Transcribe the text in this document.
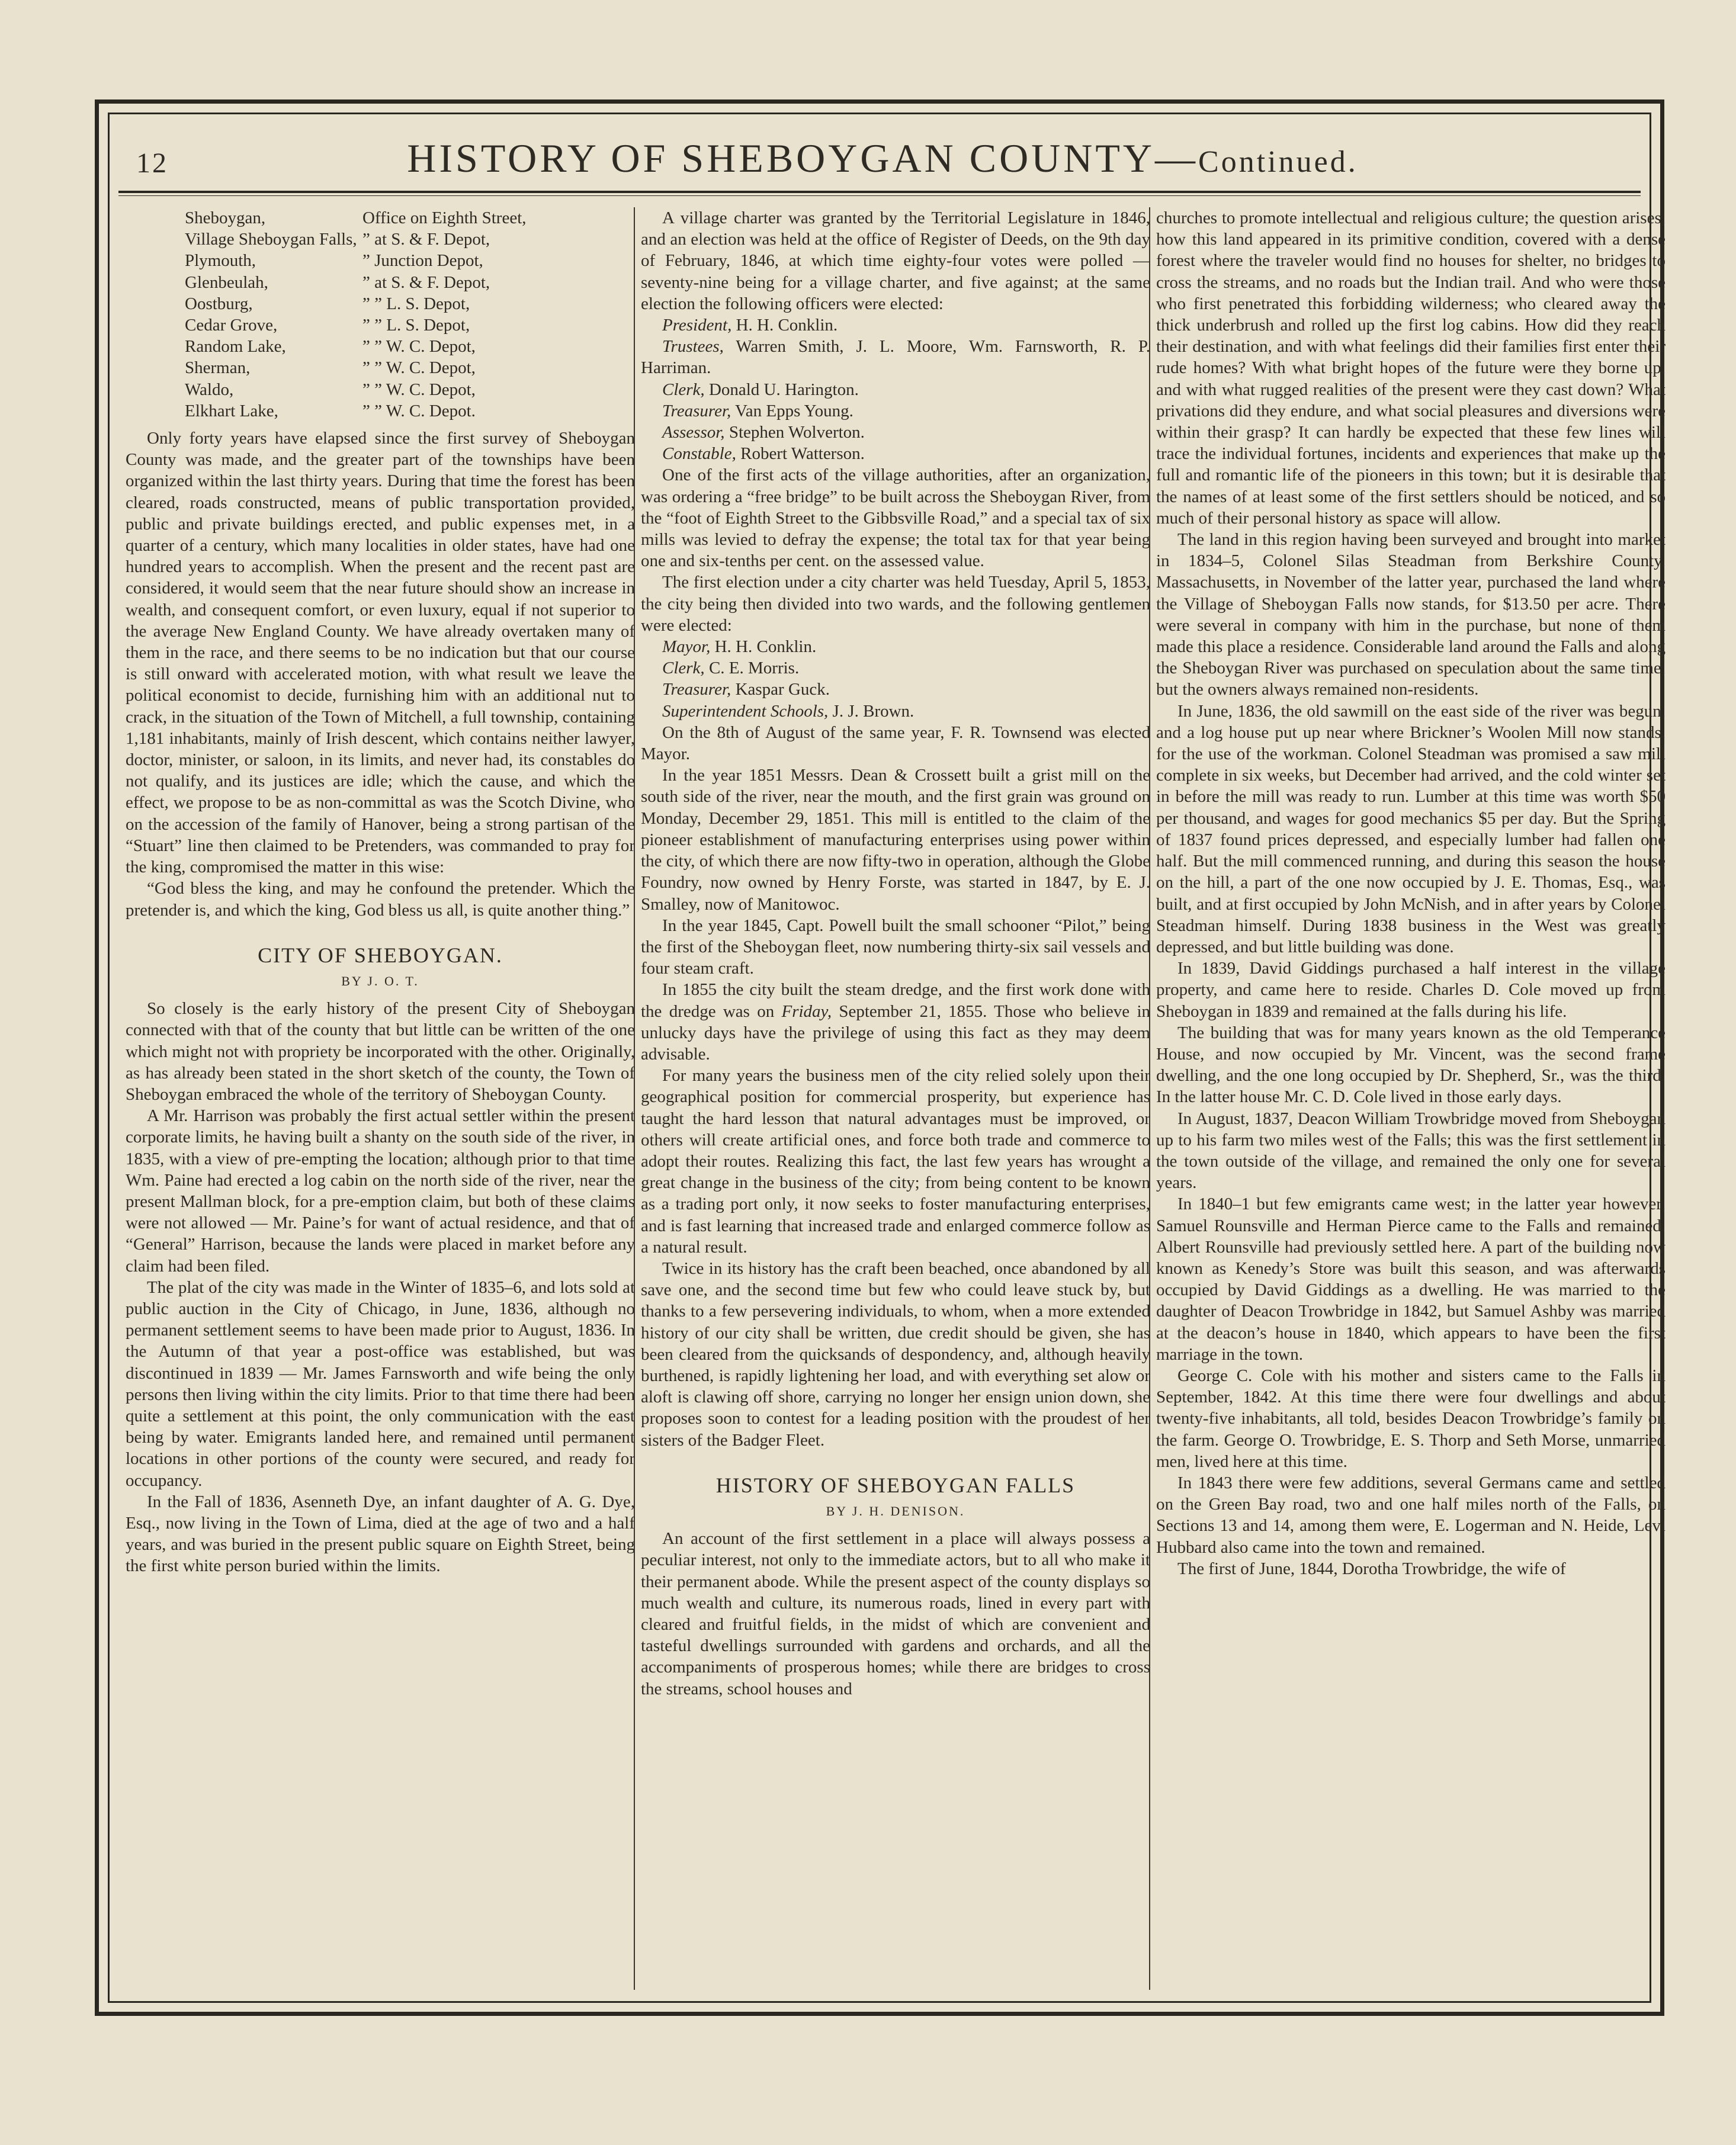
12	HISTORY OF SHEBOYGAN COUNTY—Continued.
Sheboygan,	Office on Eighth Street,
Village Sheboygan Falls,	” at S. & F. Depot,
Plymouth,	” Junction Depot,
Glenbeulah,	” at S. & F. Depot,
Oostburg,	” ” L. S. Depot,
Cedar Grove,	” ” L. S. Depot,
Random Lake,	” ” W. C. Depot,
Sherman,	” ” W. C. Depot,
Waldo,	” ” W. C. Depot,
Elkhart Lake,	” ” W. C. Depot.

Only forty years have elapsed since the first survey of Sheboygan County was made, and the greater part of the townships have been organized within the last thirty years. During that time the forest has been cleared, roads constructed, means of public transportation provided, public and private buildings erected, and public expenses met, in a quarter of a century, which many localities in older states, have had one hundred years to accomplish. When the present and the recent past are considered, it would seem that the near future should show an increase in wealth, and consequent comfort, or even luxury, equal if not superior to the average New England County. We have already overtaken many of them in the race, and there seems to be no indication but that our course is still onward with accelerated motion, with what result we leave the political economist to decide, furnishing him with an additional nut to crack, in the situation of the Town of Mitchell, a full township, containing 1,181 inhabitants, mainly of Irish descent, which contains neither lawyer, doctor, minister, or saloon, in its limits, and never had, its constables do not qualify, and its justices are idle; which the cause, and which the effect, we propose to be as non-committal as was the Scotch Divine, who on the accession of the family of Hanover, being a strong partisan of the “Stuart” line then claimed to be Pretenders, was commanded to pray for the king, compromised the matter in this wise:

“God bless the king, and may he confound the pretender. Which the pretender is, and which the king, God bless us all, is quite another thing.”

CITY OF SHEBOYGAN.
BY J. O. T.

So closely is the early history of the present City of Sheboygan connected with that of the county that but little can be written of the one which might not with propriety be incorporated with the other. Originally, as has already been stated in the short sketch of the county, the Town of Sheboygan embraced the whole of the territory of Sheboygan County.

A Mr. Harrison was probably the first actual settler within the present corporate limits, he having built a shanty on the south side of the river, in 1835, with a view of pre-empting the location; although prior to that time Wm. Paine had erected a log cabin on the north side of the river, near the present Mallman block, for a pre-emption claim, but both of these claims were not allowed — Mr. Paine’s for want of actual residence, and that of “General” Harrison, because the lands were placed in market before any claim had been filed.

The plat of the city was made in the Winter of 1835–6, and lots sold at public auction in the City of Chicago, in June, 1836, although no permanent settlement seems to have been made prior to August, 1836. In the Autumn of that year a post-office was established, but was discontinued in 1839 — Mr. James Farnsworth and wife being the only persons then living within the city limits. Prior to that time there had been quite a settlement at this point, the only communication with the east being by water. Emigrants landed here, and remained until permanent locations in other portions of the county were secured, and ready for occupancy.

In the Fall of 1836, Asenneth Dye, an infant daughter of A. G. Dye, Esq., now living in the Town of Lima, died at the age of two and a half years, and was buried in the present public square on Eighth Street, being the first white person buried within the limits.

A village charter was granted by the Territorial Legislature in 1846, and an election was held at the office of Register of Deeds, on the 9th day of February, 1846, at which time eighty-four votes were polled — seventy-nine being for a village charter, and five against; at the same election the following officers were elected:

President, H. H. Conklin.

Trustees, Warren Smith, J. L. Moore, Wm. Farnsworth, R. P. Harriman.

Clerk, Donald U. Harington.

Treasurer, Van Epps Young.

Assessor, Stephen Wolverton.

Constable, Robert Watterson.

One of the first acts of the village authorities, after an organization, was ordering a “free bridge” to be built across the Sheboygan River, from the “foot of Eighth Street to the Gibbsville Road,” and a special tax of six mills was levied to defray the expense; the total tax for that year being one and six-tenths per cent. on the assessed value.

The first election under a city charter was held Tuesday, April 5, 1853, the city being then divided into two wards, and the following gentlemen were elected:

Mayor, H. H. Conklin.

Clerk, C. E. Morris.

Treasurer, Kaspar Guck.

Superintendent Schools, J. J. Brown.

On the 8th of August of the same year, F. R. Townsend was elected Mayor.

In the year 1851 Messrs. Dean & Crossett built a grist mill on the south side of the river, near the mouth, and the first grain was ground on Monday, December 29, 1851. This mill is entitled to the claim of the pioneer establishment of manufacturing enterprises using power within the city, of which there are now fifty-two in operation, although the Globe Foundry, now owned by Henry Forste, was started in 1847, by E. J. Smalley, now of Manitowoc.

In the year 1845, Capt. Powell built the small schooner “Pilot,” being the first of the Sheboygan fleet, now numbering thirty-six sail vessels and four steam craft.

In 1855 the city built the steam dredge, and the first work done with the dredge was on Friday, September 21, 1855. Those who believe in unlucky days have the privilege of using this fact as they may deem advisable.

For many years the business men of the city relied solely upon their geographical position for commercial prosperity, but experience has taught the hard lesson that natural advantages must be improved, or others will create artificial ones, and force both trade and commerce to adopt their routes. Realizing this fact, the last few years has wrought a great change in the business of the city; from being content to be known as a trading port only, it now seeks to foster manufacturing enterprises, and is fast learning that increased trade and enlarged commerce follow as a natural result.

Twice in its history has the craft been beached, once abandoned by all save one, and the second time but few who could leave stuck by, but thanks to a few persevering individuals, to whom, when a more extended history of our city shall be written, due credit should be given, she has been cleared from the quicksands of despondency, and, although heavily burthened, is rapidly lightening her load, and with everything set alow or aloft is clawing off shore, carrying no longer her ensign union down, she proposes soon to contest for a leading position with the proudest of her sisters of the Badger Fleet.

HISTORY OF SHEBOYGAN FALLS
BY J. H. DENISON.

An account of the first settlement in a place will always possess a peculiar interest, not only to the immediate actors, but to all who make it their permanent abode. While the present aspect of the county displays so much wealth and culture, its numerous roads, lined in every part with cleared and fruitful fields, in the midst of which are convenient and tasteful dwellings surrounded with gardens and orchards, and all the accompaniments of prosperous homes; while there are bridges to cross the streams, school houses and

churches to promote intellectual and religious culture; the question arises, how this land appeared in its primitive condition, covered with a dense forest where the traveler would find no houses for shelter, no bridges to cross the streams, and no roads but the Indian trail. And who were those who first penetrated this forbidding wilderness; who cleared away the thick underbrush and rolled up the first log cabins. How did they reach their destination, and with what feelings did their families first enter their rude homes? With what bright hopes of the future were they borne up, and with what rugged realities of the present were they cast down? What privations did they endure, and what social pleasures and diversions were within their grasp? It can hardly be expected that these few lines will trace the individual fortunes, incidents and experiences that make up the full and romantic life of the pioneers in this town; but it is desirable that the names of at least some of the first settlers should be noticed, and so much of their personal history as space will allow.

The land in this region having been surveyed and brought into market in 1834–5, Colonel Silas Steadman from Berkshire County, Massachusetts, in November of the latter year, purchased the land where the Village of Sheboygan Falls now stands, for $13.50 per acre. There were several in company with him in the purchase, but none of them made this place a residence. Considerable land around the Falls and along the Sheboygan River was purchased on speculation about the same time, but the owners always remained non-residents.

In June, 1836, the old sawmill on the east side of the river was begun, and a log house put up near where Brickner’s Woolen Mill now stands, for the use of the workman. Colonel Steadman was promised a saw mill complete in six weeks, but December had arrived, and the cold winter set in before the mill was ready to run. Lumber at this time was worth $50 per thousand, and wages for good mechanics $5 per day. But the Spring of 1837 found prices depressed, and especially lumber had fallen one half. But the mill commenced running, and during this season the house on the hill, a part of the one now occupied by J. E. Thomas, Esq., was built, and at first occupied by John McNish, and in after years by Colonel Steadman himself. During 1838 business in the West was greatly depressed, and but little building was done.

In 1839, David Giddings purchased a half interest in the village property, and came here to reside. Charles D. Cole moved up from Sheboygan in 1839 and remained at the falls during his life.

The building that was for many years known as the old Temperance House, and now occupied by Mr. Vincent, was the second frame dwelling, and the one long occupied by Dr. Shepherd, Sr., was the third. In the latter house Mr. C. D. Cole lived in those early days.

In August, 1837, Deacon William Trowbridge moved from Sheboygan up to his farm two miles west of the Falls; this was the first settlement in the town outside of the village, and remained the only one for several years.

In 1840–1 but few emigrants came west; in the latter year however, Samuel Rounsville and Herman Pierce came to the Falls and remained. Albert Rounsville had previously settled here. A part of the building now known as Kenedy’s Store was built this season, and was afterwards occupied by David Giddings as a dwelling. He was married to the daughter of Deacon Trowbridge in 1842, but Samuel Ashby was married at the deacon’s house in 1840, which appears to have been the first marriage in the town.

George C. Cole with his mother and sisters came to the Falls in September, 1842. At this time there were four dwellings and about twenty-five inhabitants, all told, besides Deacon Trowbridge’s family on the farm. George O. Trowbridge, E. S. Thorp and Seth Morse, unmarried men, lived here at this time.

In 1843 there were few additions, several Germans came and settled on the Green Bay road, two and one half miles north of the Falls, on Sections 13 and 14, among them were, E. Logerman and N. Heide, Levi Hubbard also came into the town and remained.

The first of June, 1844, Dorotha Trowbridge, the wife of
